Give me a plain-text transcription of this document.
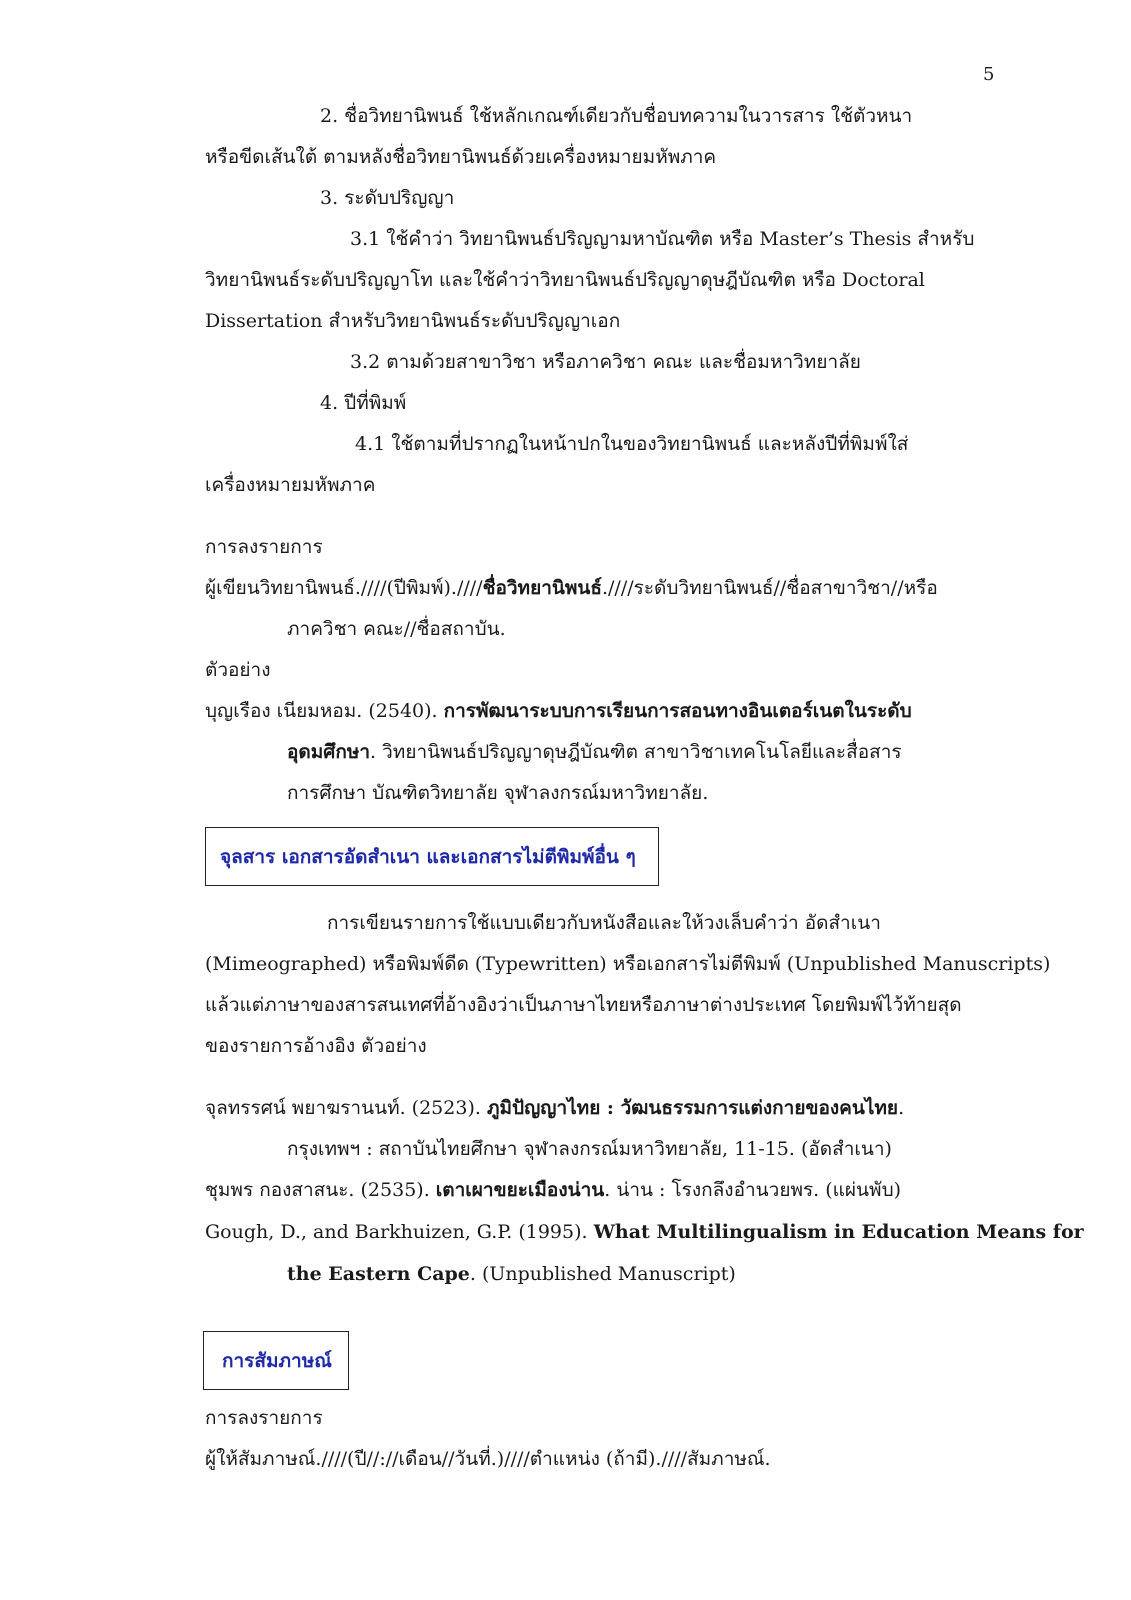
5
2. ชื่อวิทยานิพนธ์ ใช้หลักเกณฑ์เดียวกับชื่อบทความในวารสาร ใช้ตัวหนา
หรือขีดเส้นใต้ ตามหลังชื่อวิทยานิพนธ์ด้วยเครื่องหมายมหัพภาค
3. ระดับปริญญา
3.1 ใช้คำว่า วิทยานิพนธ์ปริญญามหาบัณฑิต หรือ Master’s Thesis สำหรับ
วิทยานิพนธ์ระดับปริญญาโท และใช้คำว่าวิทยานิพนธ์ปริญญาดุษฎีบัณฑิต หรือ Doctoral
Dissertation สำหรับวิทยานิพนธ์ระดับปริญญาเอก
3.2 ตามด้วยสาขาวิชา หรือภาควิชา คณะ และชื่อมหาวิทยาลัย
4. ปีที่พิมพ์
4.1 ใช้ตามที่ปรากฏในหน้าปกในของวิทยานิพนธ์ และหลังปีที่พิมพ์ใส่
เครื่องหมายมหัพภาค
การลงรายการ
ผู้เขียนวิทยานิพนธ์.////(ปีพิมพ์).////ชื่อวิทยานิพนธ์.////ระดับวิทยานิพนธ์//ชื่อสาขาวิชา//หรือ
ภาควิชา คณะ//ชื่อสถาบัน.
ตัวอย่าง
บุญเรือง เนียมหอม. (2540). การพัฒนาระบบการเรียนการสอนทางอินเตอร์เนตในระดับ
อุดมศึกษา. วิทยานิพนธ์ปริญญาดุษฎีบัณฑิต สาขาวิชาเทคโนโลยีและสื่อสาร
การศึกษา บัณฑิตวิทยาลัย จุฬาลงกรณ์มหาวิทยาลัย.
จุลสาร เอกสารอัดสำเนา และเอกสารไม่ตีพิมพ์อื่น ๆ
การเขียนรายการใช้แบบเดียวกับหนังสือและให้วงเล็บคำว่า อัดสำเนา
(Mimeographed) หรือพิมพ์ดีด (Typewritten) หรือเอกสารไม่ตีพิมพ์ (Unpublished Manuscripts)
แล้วแต่ภาษาของสารสนเทศที่อ้างอิงว่าเป็นภาษาไทยหรือภาษาต่างประเทศ โดยพิมพ์ไว้ท้ายสุด
ของรายการอ้างอิง ตัวอย่าง
จุลทรรศน์ พยาฆรานนท์. (2523). ภูมิปัญญาไทย : วัฒนธรรมการแต่งกายของคนไทย.
กรุงเทพฯ : สถาบันไทยศึกษา จุฬาลงกรณ์มหาวิทยาลัย, 11-15. (อัดสำเนา)
ชุมพร กองสาสนะ. (2535). เตาเผาขยะเมืองน่าน. น่าน : โรงกลึงอำนวยพร. (แผ่นพับ)
Gough, D., and Barkhuizen, G.P. (1995). What Multilingualism in Education Means for
the Eastern Cape. (Unpublished Manuscript)
การสัมภาษณ์
การลงรายการ
ผู้ให้สัมภาษณ์.////(ปี//://เดือน//วันที่.)////ตำแหน่ง (ถ้ามี).////สัมภาษณ์.
